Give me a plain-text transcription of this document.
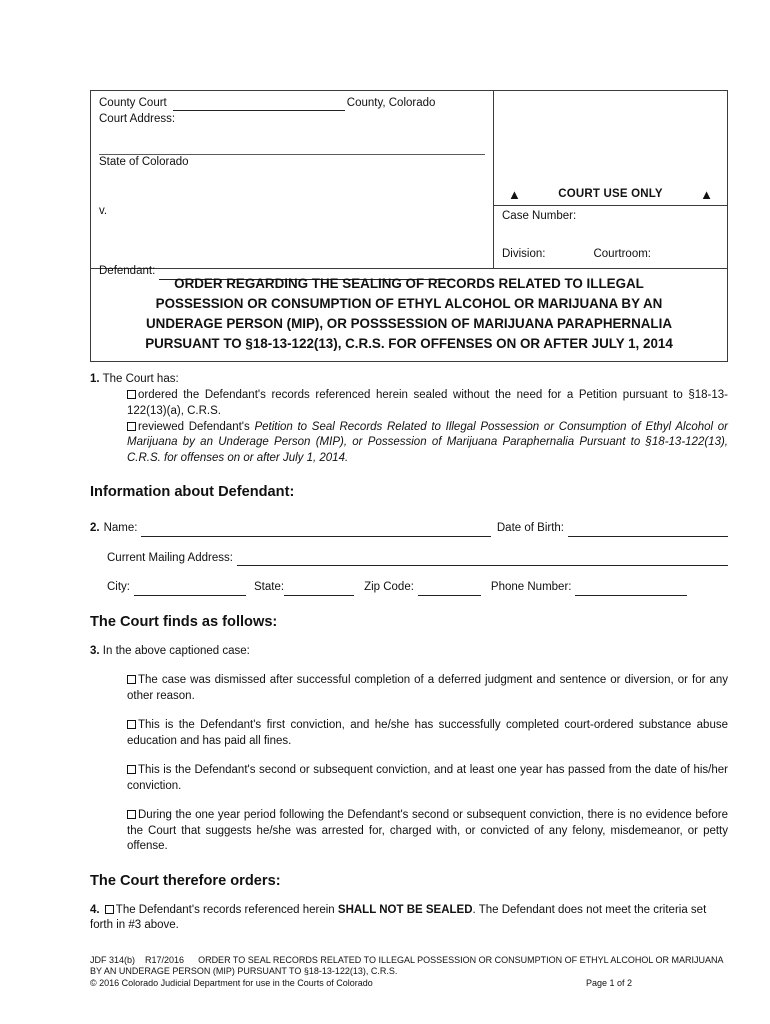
County Court	County, Colorado
Court Address:
State of Colorado
v.
Defendant:
▲	COURT USE ONLY	▲
Case Number:
Division:	Courtroom:
ORDER REGARDING THE SEALING OF RECORDS RELATED TO ILLEGAL
POSSESSION OR CONSUMPTION OF ETHYL ALCOHOL OR MARIJUANA BY AN
UNDERAGE PERSON (MIP), OR POSSSESSION OF MARIJUANA PARAPHERNALIA
PURSUANT TO §18-13-122(13), C.R.S. FOR OFFENSES ON OR AFTER JULY 1, 2014
1. The Court has:
ordered the Defendant's records referenced herein sealed without the need for a Petition pursuant to §18-13-122(13)(a), C.R.S.
reviewed Defendant's Petition to Seal Records Related to Illegal Possession or Consumption of Ethyl Alcohol or Marijuana by an Underage Person (MIP), or Possession of Marijuana Paraphernalia Pursuant to §18-13-122(13), C.R.S. for offenses on or after July 1, 2014.
Information about Defendant:
2. Name:	Date of Birth:
Current Mailing Address:
City:	State:	Zip Code:	Phone Number:
The Court finds as follows:
3. In the above captioned case:
The case was dismissed after successful completion of a deferred judgment and sentence or diversion, or for any other reason.
This is the Defendant's first conviction, and he/she has successfully completed court-ordered substance abuse education and has paid all fines.
This is the Defendant's second or subsequent conviction, and at least one year has passed from the date of his/her conviction.
During the one year period following the Defendant's second or subsequent conviction, there is no evidence before the Court that suggests he/she was arrested for, charged with, or convicted of any felony, misdemeanor, or petty offense.
The Court therefore orders:
4. The Defendant's records referenced herein SHALL NOT BE SEALED. The Defendant does not meet the criteria set forth in #3 above.
JDF 314(b) R17/2016 ORDER TO SEAL RECORDS RELATED TO ILLEGAL POSSESSION OR CONSUMPTION OF ETHYL ALCOHOL OR MARIJUANA BY AN UNDERAGE PERSON (MIP) PURSUANT TO §18-13-122(13), C.R.S.
© 2016 Colorado Judicial Department for use in the Courts of Colorado	Page 1 of 2
